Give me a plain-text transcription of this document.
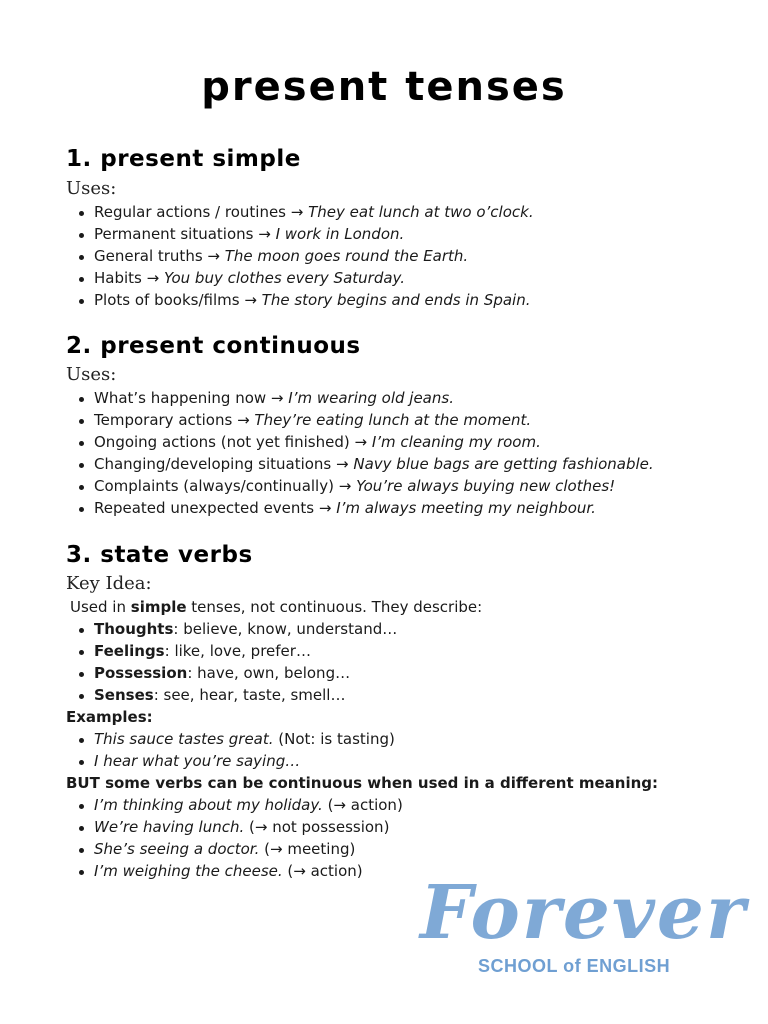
present tenses
1. present simple
Uses:
Regular actions / routines → They eat lunch at two o’clock.
Permanent situations → I work in London.
General truths → The moon goes round the Earth.
Habits → You buy clothes every Saturday.
Plots of books/films → The story begins and ends in Spain.
2. present continuous
Uses:
What’s happening now → I’m wearing old jeans.
Temporary actions → They’re eating lunch at the moment.
Ongoing actions (not yet finished) → I’m cleaning my room.
Changing/developing situations → Navy blue bags are getting fashionable.
Complaints (always/continually) → You’re always buying new clothes!
Repeated unexpected events → I’m always meeting my neighbour.
3. state verbs
Key Idea:
Used in simple tenses, not continuous. They describe:
Thoughts: believe, know, understand…
Feelings: like, love, prefer…
Possession: have, own, belong…
Senses: see, hear, taste, smell…
Examples:
This sauce tastes great. (Not: is tasting)
I hear what you’re saying…
BUT some verbs can be continuous when used in a different meaning:
I’m thinking about my holiday. (→ action)
We’re having lunch. (→ not possession)
She’s seeing a doctor. (→ meeting)
I’m weighing the cheese. (→ action) Forever
SCHOOL of ENGLISH
